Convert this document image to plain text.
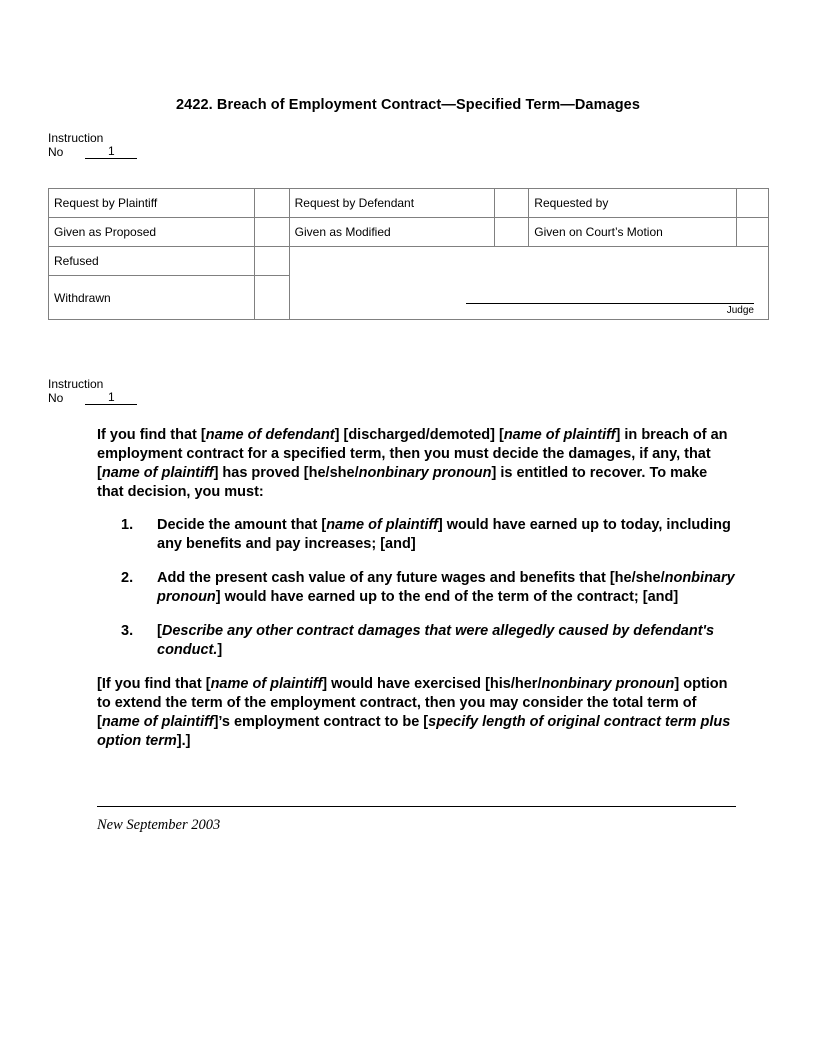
2422. Breach of Employment Contract—Specified Term—Damages
Instruction
No	1
Request by Plaintiff		Request by Defendant		Requested by	
Given as Proposed		Given as Modified		Given on Court’s Motion	
Refused		Judge			

Withdrawn					
Instruction
No	1

If you find that [name of defendant] [discharged/demoted] [name of plaintiff] in breach of an employment contract for a specified term, then you must decide the damages, if any, that [name of plaintiff] has proved [he/she/nonbinary pronoun] is entitled to recover. To make that decision, you must:

1.	Decide the amount that [name of plaintiff] would have earned up to today, including any benefits and pay increases; [and]
2.	Add the present cash value of any future wages and benefits that [he/she/nonbinary pronoun] would have earned up to the end of the term of the contract; [and]
3.	[Describe any other contract damages that were allegedly caused by defendant's conduct.]

[If you find that [name of plaintiff] would have exercised [his/her/nonbinary pronoun] option to extend the term of the employment contract, then you may consider the total term of [name of plaintiff]’s employment contract to be [specify length of original contract term plus option term].]

New September 2003
